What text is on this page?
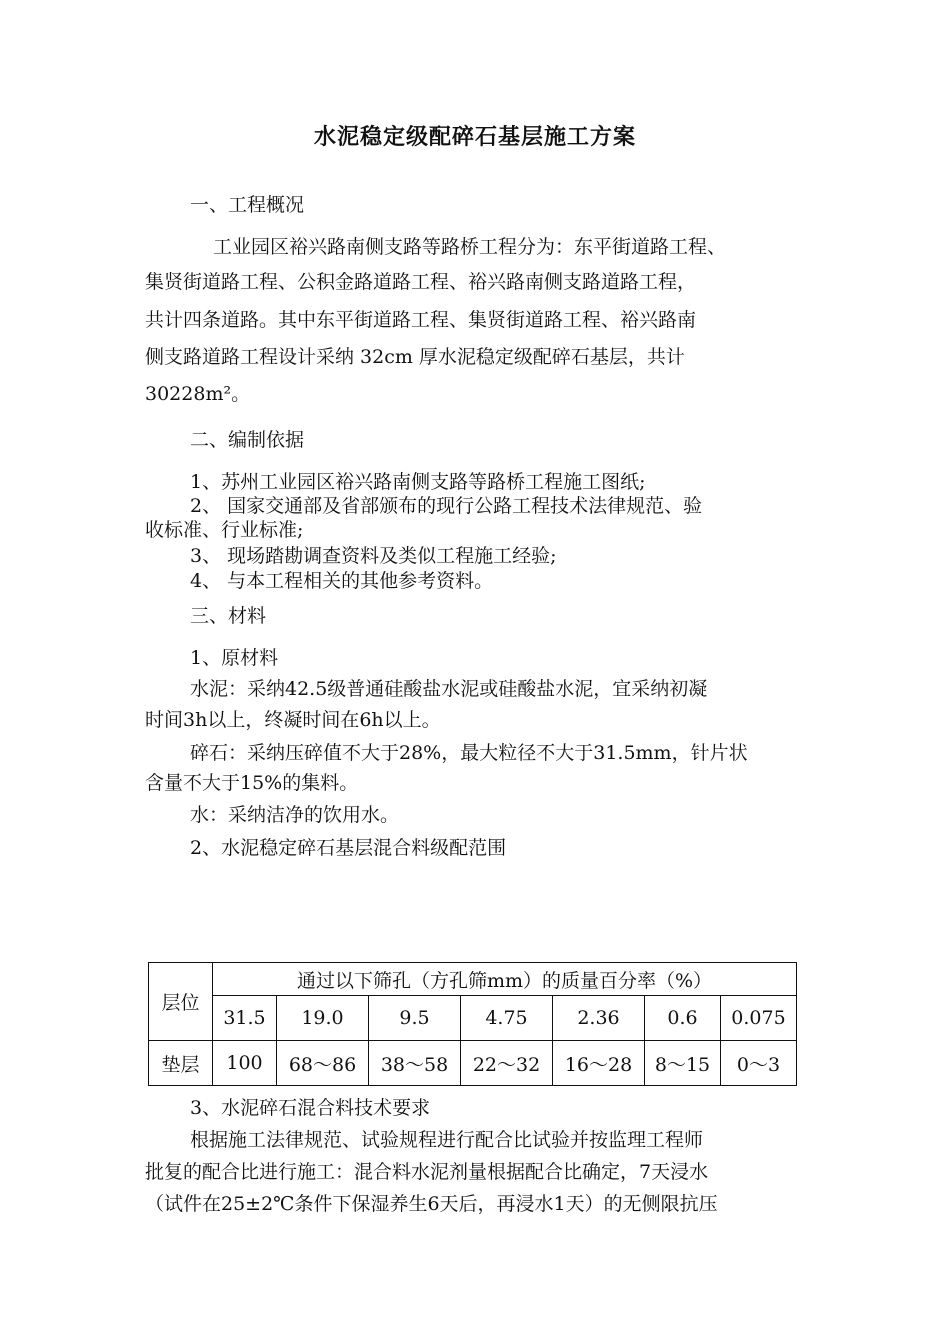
水泥稳定级配碎石基层施工方案
一、工程概况
工业园区裕兴路南侧支路等路桥工程分为：东平街道路工程、
集贤街道路工程、公积金路道路工程、裕兴路南侧支路道路工程，
共计四条道路。其中东平街道路工程、集贤街道路工程、裕兴路南
侧支路道路工程设计采纳 32cm 厚水泥稳定级配碎石基层，共计
30228m²。
二、编制依据
1、苏州工业园区裕兴路南侧支路等路桥工程施工图纸;
2、 国家交通部及省部颁布的现行公路工程技术法律规范、验
收标准、行业标准;
3、 现场踏勘调查资料及类似工程施工经验;
4、 与本工程相关的其他参考资料。
三、材料
1、原材料
水泥：采纳42.5级普通硅酸盐水泥或硅酸盐水泥，宜采纳初凝
时间3h以上，终凝时间在6h以上。
碎石：采纳压碎值不大于28%，最大粒径不大于31.5mm，针片状
含量不大于15%的集料。
水：采纳洁净的饮用水。
2、水泥稳定碎石基层混合料级配范围
层位	通过以下筛孔（方孔筛mm）的质量百分率（%）						
	31.5	19.0	9.5	4.75	2.36	0.6	0.075
垫层	100	68～86	38～58	22～32	16～28	8～15	0～3
3、水泥碎石混合料技术要求
根据施工法律规范、试验规程进行配合比试验并按监理工程师
批复的配合比进行施工：混合料水泥剂量根据配合比确定，7天浸水
（试件在25±2℃条件下保湿养生6天后，再浸水1天）的无侧限抗压
